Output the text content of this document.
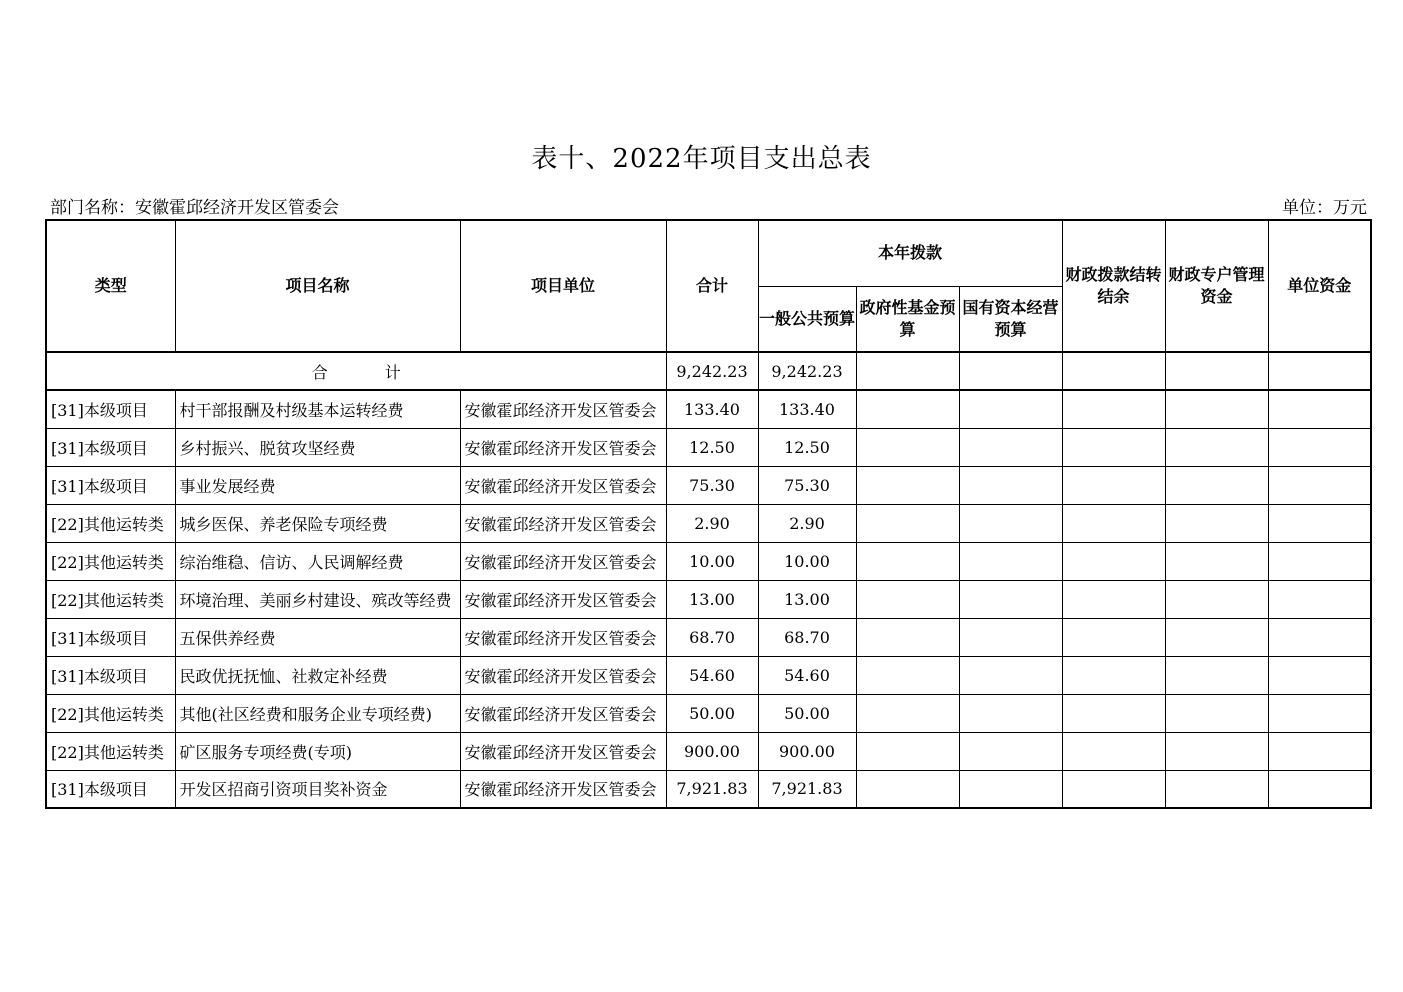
表十、2022年项目支出总表
部门名称：安徽霍邱经济开发区管委会	单位：万元
类型	项目名称	项目单位	合计	本年拨款			财政拨款结转结余	财政专户管理资金	单位资金
				一般公共预算	政府性基金预算	国有资本经营预算			
合 计			9,242.23	9,242.23					
[31]本级项目	村干部报酬及村级基本运转经费	安徽霍邱经济开发区管委会	133.40	133.40					
[31]本级项目	乡村振兴、脱贫攻坚经费	安徽霍邱经济开发区管委会	12.50	12.50					
[31]本级项目	事业发展经费	安徽霍邱经济开发区管委会	75.30	75.30					
[22]其他运转类	城乡医保、养老保险专项经费	安徽霍邱经济开发区管委会	2.90	2.90					
[22]其他运转类	综治维稳、信访、人民调解经费	安徽霍邱经济开发区管委会	10.00	10.00					
[22]其他运转类	环境治理、美丽乡村建设、殡改等经费	安徽霍邱经济开发区管委会	13.00	13.00					
[31]本级项目	五保供养经费	安徽霍邱经济开发区管委会	68.70	68.70					
[31]本级项目	民政优抚抚恤、社救定补经费	安徽霍邱经济开发区管委会	54.60	54.60					
[22]其他运转类	其他(社区经费和服务企业专项经费)	安徽霍邱经济开发区管委会	50.00	50.00					
[22]其他运转类	矿区服务专项经费(专项)	安徽霍邱经济开发区管委会	900.00	900.00					
[31]本级项目	开发区招商引资项目奖补资金	安徽霍邱经济开发区管委会	7,921.83	7,921.83					
